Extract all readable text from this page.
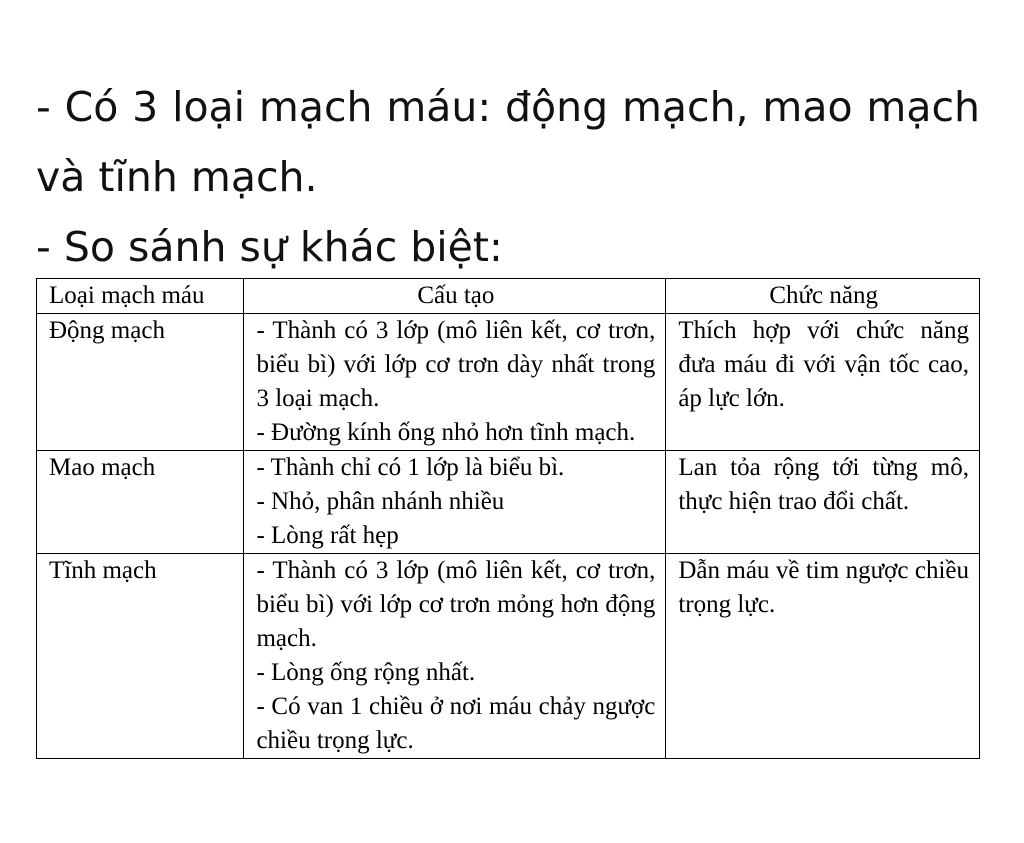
- Có 3 loại mạch máu: động mạch, mao mạch và tĩnh mạch.

- So sánh sự khác biệt:

Loại mạch máu	Cấu tạo	Chức năng
Động mạch	- Thành có 3 lớp (mô liên kết, cơ trơn, biểu bì) với lớp cơ trơn dày nhất trong 3 loại mạch.
- Đường kính ống nhỏ hơn tĩnh mạch.	Thích hợp với chức năng đưa máu đi với vận tốc cao, áp lực lớn.
Mao mạch	- Thành chỉ có 1 lớp là biểu bì.
- Nhỏ, phân nhánh nhiều
- Lòng rất hẹp	Lan tỏa rộng tới từng mô, thực hiện trao đổi chất.
Tĩnh mạch	- Thành có 3 lớp (mô liên kết, cơ trơn, biểu bì) với lớp cơ trơn mỏng hơn động mạch.
- Lòng ống rộng nhất.
- Có van 1 chiều ở nơi máu chảy ngược chiều trọng lực.	Dẫn máu về tim ngược chiều trọng lực.
